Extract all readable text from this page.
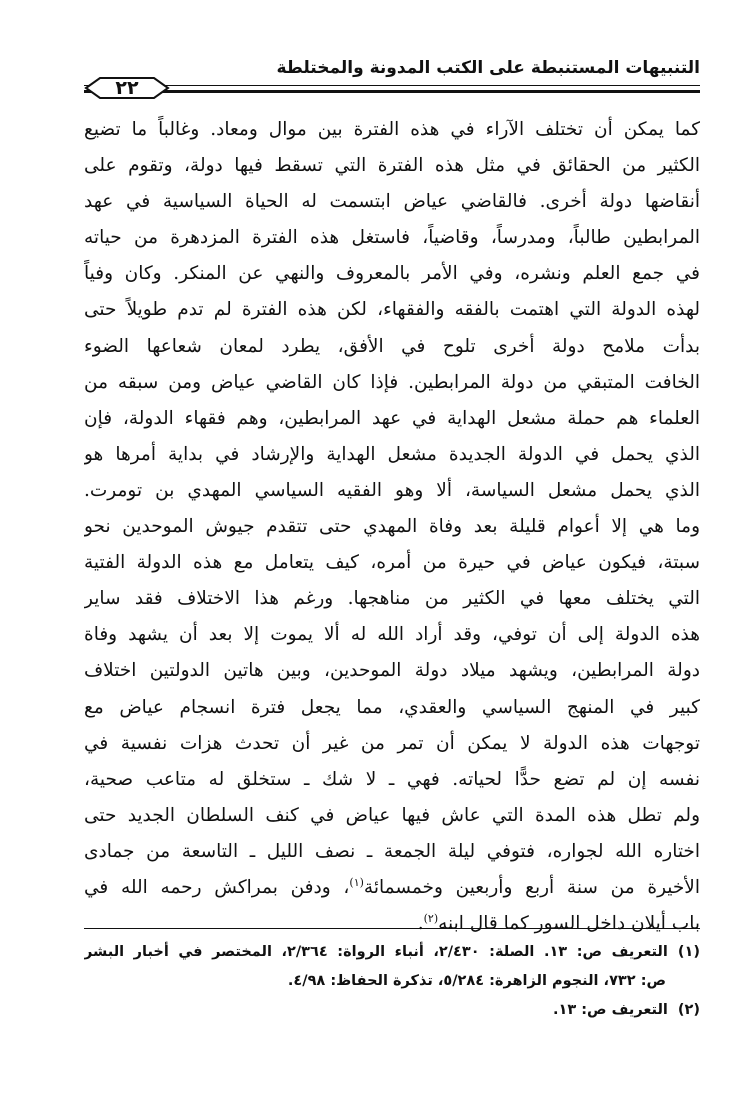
التنبيهات المستنبطة على الكتب المدونة والمختلطة
٢٢
كما يمكن أن تختلف الآراء في هذه الفترة بين موال ومعاد. وغالباً ما تضيع
الكثير من الحقائق في مثل هذه الفترة التي تسقط فيها دولة، وتقوم على
أنقاضها دولة أخرى. فالقاضي عياض ابتسمت له الحياة السياسية في عهد
المرابطين طالباً، ومدرساً، وقاضياً، فاستغل هذه الفترة المزدهرة من حياته
في جمع العلم ونشره، وفي الأمر بالمعروف والنهي عن المنكر. وكان وفياً
لهذه الدولة التي اهتمت بالفقه والفقهاء، لكن هذه الفترة لم تدم طويلاً حتى
بدأت ملامح دولة أخرى تلوح في الأفق، يطرد لمعان شعاعها الضوء
الخافت المتبقي من دولة المرابطين. فإذا كان القاضي عياض ومن سبقه من
العلماء هم حملة مشعل الهداية في عهد المرابطين، وهم فقهاء الدولة، فإن
الذي يحمل في الدولة الجديدة مشعل الهداية والإرشاد في بداية أمرها هو
الذي يحمل مشعل السياسة، ألا وهو الفقيه السياسي المهدي بن تومرت.
وما هي إلا أعوام قليلة بعد وفاة المهدي حتى تتقدم جيوش الموحدين نحو
سبتة، فيكون عياض في حيرة من أمره، كيف يتعامل مع هذه الدولة الفتية
التي يختلف معها في الكثير من مناهجها. ورغم هذا الاختلاف فقد ساير
هذه الدولة إلى أن توفي، وقد أراد الله له ألا يموت إلا بعد أن يشهد وفاة
دولة المرابطين، ويشهد ميلاد دولة الموحدين، وبين هاتين الدولتين اختلاف
كبير في المنهج السياسي والعقدي، مما يجعل فترة انسجام عياض مع
توجهات هذه الدولة لا يمكن أن تمر من غير أن تحدث هزات نفسية في
نفسه إن لم تضع حدًّا لحياته. فهي ـ لا شك ـ ستخلق له متاعب صحية،
ولم تطل هذه المدة التي عاش فيها عياض في كنف السلطان الجديد حتى
اختاره الله لجواره، فتوفي ليلة الجمعة ـ نصف الليل ـ التاسعة من جمادى
الأخيرة من سنة أربع وأربعين وخمسمائة$^{(١)}$، ودفن بمراكش رحمه الله في
باب أيلان داخل السور كما قال ابنه$^{(٢)}$.
(١)التعريف ص: ١٣. الصلة: ٢/٤٣٠، أنباء الرواة: ٢/٣٦٤، المختصر في أخبار البشر
ص: ٧٣٢، النجوم الزاهرة: ٥/٢٨٤، تذكرة الحفاظ: ٤/٩٨.
(٢)التعريف ص: ١٣.
